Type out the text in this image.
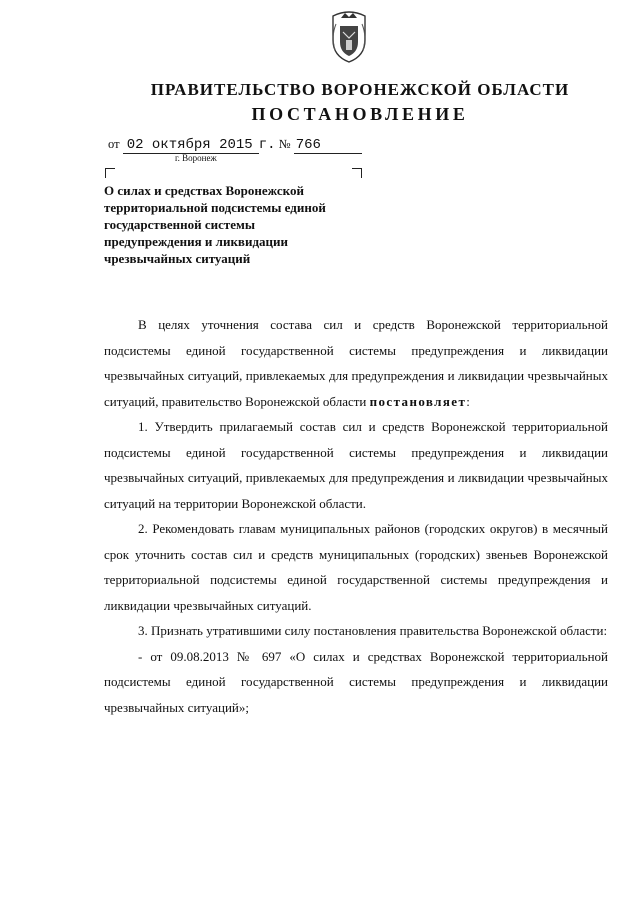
ПРАВИТЕЛЬСТВО ВОРОНЕЖСКОЙ ОБЛАСТИ
ПОСТАНОВЛЕНИЕ
от 02 октября 2015 г. № 766
г. Воронеж
О силах и средствах Воронежской территориальной подсистемы единой государственной системы предупреждения и ликвидации чрезвычайных ситуаций

В целях уточнения состава сил и средств Воронежской территориальной подсистемы единой государственной системы предупреждения и ликвидации чрезвычайных ситуаций, привлекаемых для предупреждения и ликвидации чрезвычайных ситуаций, правительство Воронежской области постановляет:

1. Утвердить прилагаемый состав сил и средств Воронежской территориальной подсистемы единой государственной системы предупреждения и ликвидации чрезвычайных ситуаций, привлекаемых для предупреждения и ликвидации чрезвычайных ситуаций на территории Воронежской области.

2. Рекомендовать главам муниципальных районов (городских округов) в месячный срок уточнить состав сил и средств муниципальных (городских) звеньев Воронежской территориальной подсистемы единой государственной системы предупреждения и ликвидации чрезвычайных ситуаций.

3. Признать утратившими силу постановления правительства Воронежской области:

- от 09.08.2013 № 697 «О силах и средствах Воронежской территориальной подсистемы единой государственной системы предупреждения и ликвидации чрезвычайных ситуаций»;
